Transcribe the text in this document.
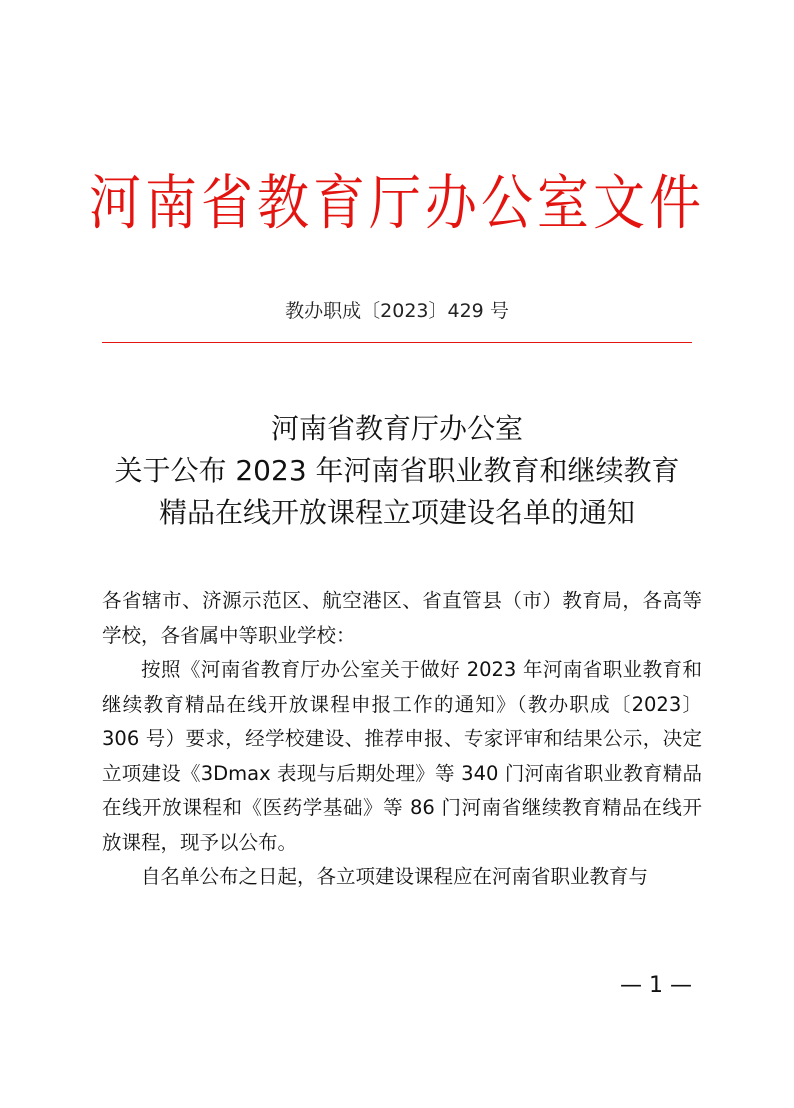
河南省教育厅办公室文件
教办职成〔2023〕429 号
河南省教育厅办公室
关于公布 2023 年河南省职业教育和继续教育
精品在线开放课程立项建设名单的通知

各省辖市、济源示范区、航空港区、省直管县（市）教育局，各高等学校，各省属中等职业学校：

按照《河南省教育厅办公室关于做好 2023 年河南省职业教育和继续教育精品在线开放课程申报工作的通知》（教办职成〔2023〕306 号）要求，经学校建设、推荐申报、专家评审和结果公示，决定立项建设《3Dmax 表现与后期处理》等 340 门河南省职业教育精品在线开放课程和《医药学基础》等 86 门河南省继续教育精品在线开放课程，现予以公布。

自名单公布之日起，各立项建设课程应在河南省职业教育与

— 1 —
